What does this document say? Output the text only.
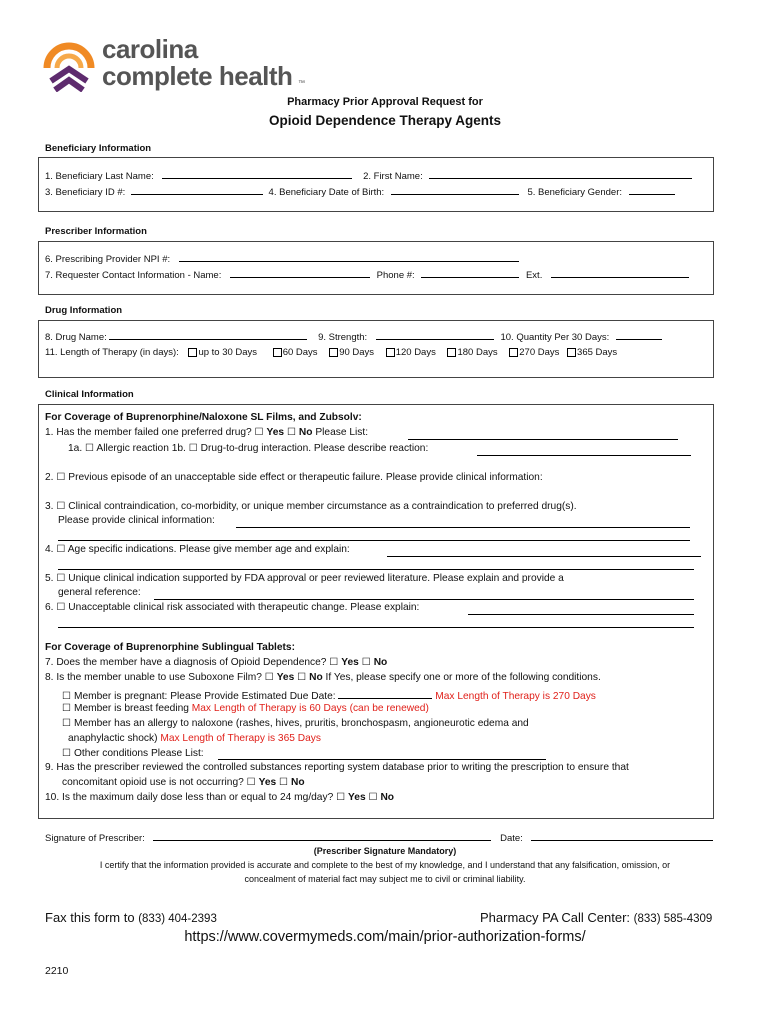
carolina
complete health ™
Pharmacy Prior Approval Request for
Opioid Dependence Therapy Agents
Beneficiary Information
1. Beneficiary Last Name:	2. First Name:
3. Beneficiary ID #:	4. Beneficiary Date of Birth:	5. Beneficiary Gender:
Prescriber Information
6. Prescribing Provider NPI #:
7. Requester Contact Information - Name:	Phone #:	Ext.
Drug Information
8. Drug Name:	9. Strength:	10. Quantity Per 30 Days:
11. Length of Therapy (in days): up to 30 Days	60 Days 90 Days 120 Days 180 Days 270 Days 365 Days
Clinical Information
For Coverage of Buprenorphine/Naloxone SL Films, and Zubsolv:
1. Has the member failed one preferred drug? ☐ Yes ☐ No Please List:
1a. ☐ Allergic reaction 1b. ☐ Drug-to-drug interaction. Please describe reaction:
2. ☐ Previous episode of an unacceptable side effect or therapeutic failure. Please provide clinical information:
3. ☐ Clinical contraindication, co-morbidity, or unique member circumstance as a contraindication to preferred drug(s).
Please provide clinical information:
4. ☐ Age specific indications. Please give member age and explain:
5. ☐ Unique clinical indication supported by FDA approval or peer reviewed literature. Please explain and provide a
general reference:
6. ☐ Unacceptable clinical risk associated with therapeutic change. Please explain:
For Coverage of Buprenorphine Sublingual Tablets:
7. Does the member have a diagnosis of Opioid Dependence? ☐ Yes ☐ No
8. Is the member unable to use Suboxone Film? ☐ Yes ☐ No If Yes, please specify one or more of the following conditions.
☐ Member is pregnant: Please Provide Estimated Due Date:	Max Length of Therapy is 270 Days
☐ Member is breast feeding Max Length of Therapy is 60 Days (can be renewed)
☐ Member has an allergy to naloxone (rashes, hives, pruritis, bronchospasm, angioneurotic edema and
anaphylactic shock) Max Length of Therapy is 365 Days
☐ Other conditions Please List:
9. Has the prescriber reviewed the controlled substances reporting system database prior to writing the prescription to ensure that
concomitant opioid use is not occurring? ☐ Yes ☐ No
10. Is the maximum daily dose less than or equal to 24 mg/day? ☐ Yes ☐ No
Signature of Prescriber:	Date:
(Prescriber Signature Mandatory)
I certify that the information provided is accurate and complete to the best of my knowledge, and I understand that any falsification, omission, or
concealment of material fact may subject me to civil or criminal liability.
Fax this form to (833) 404-2393	Pharmacy PA Call Center: (833) 585-4309
https://www.covermymeds.com/main/prior-authorization-forms/
2210
